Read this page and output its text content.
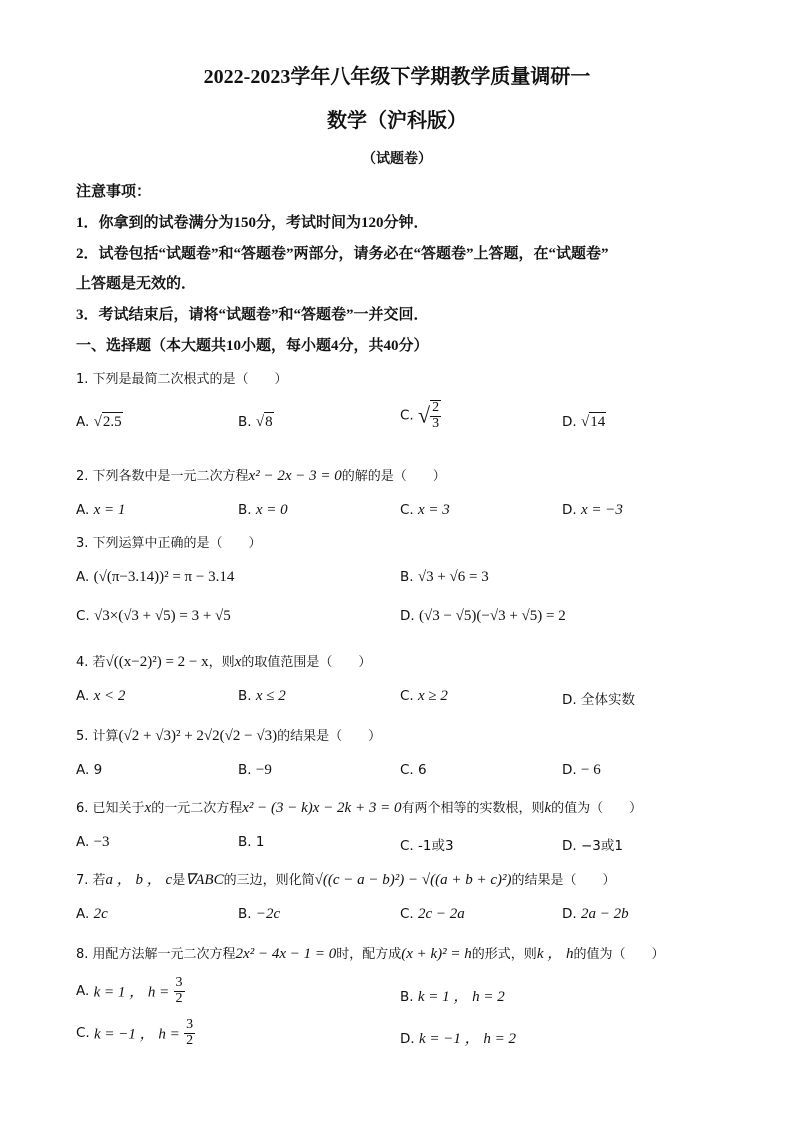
2022-2023学年八年级下学期教学质量调研一
数学（沪科版）
（试题卷）
注意事项：
1．你拿到的试卷满分为150分，考试时间为120分钟．
2．试卷包括“试题卷”和“答题卷”两部分，请务必在“答题卷”上答题，在“试题卷”
上答题是无效的．
3．考试结束后，请将“试题卷”和“答题卷”一并交回．
一、选择题（本大题共10小题，每小题4分，共40分）
1. 下列是最简二次根式的是（　　）
A. √2.5	B. √8	C. √ $\frac{2}{3}$	D. √14
2. 下列各数中是一元二次方程x² − 2x − 3 = 0的解的是（　　）
A. x = 1	B. x = 0	C. x = 3	D. x = −3
3. 下列运算中正确的是（　　）
A. (√(π−3.14))² = π − 3.14	B. √3 + √6 = 3
C. √3×(√3 + √5) = 3 + √5	D. (√3 − √5)(−√3 + √5) = 2
4. 若√((x−2)²) = 2 − x，则x的取值范围是（　　）
A. x < 2	B. x ≤ 2	C. x ≥ 2	D. 全体实数
5. 计算(√2 + √3)² + 2√2(√2 − √3)的结果是（　　）
A. 9	B. −9	C. 6	D. − 6
6. 已知关于x的一元二次方程x² − (3 − k)x − 2k + 3 = 0有两个相等的实数根，则k的值为（　　）
A. −3	B. 1	C. -1或3	D. −3或1
7. 若a ， b ， c是∇ABC的三边，则化简√((c − a − b)²) − √((a + b + c)²)的结果是（　　）
A. 2c	B. −2c	C. 2c − 2a	D. 2a − 2b
8. 用配方法解一元二次方程2x² − 4x − 1 = 0时，配方成(x + k)² = h的形式，则k ， h的值为（　　）
A. k = 1 ， $h = \frac{3}{2}$	B. k = 1 ， h = 2
C. k = −1 ， $h = \frac{3}{2}$	D. k = −1 ， h = 2
